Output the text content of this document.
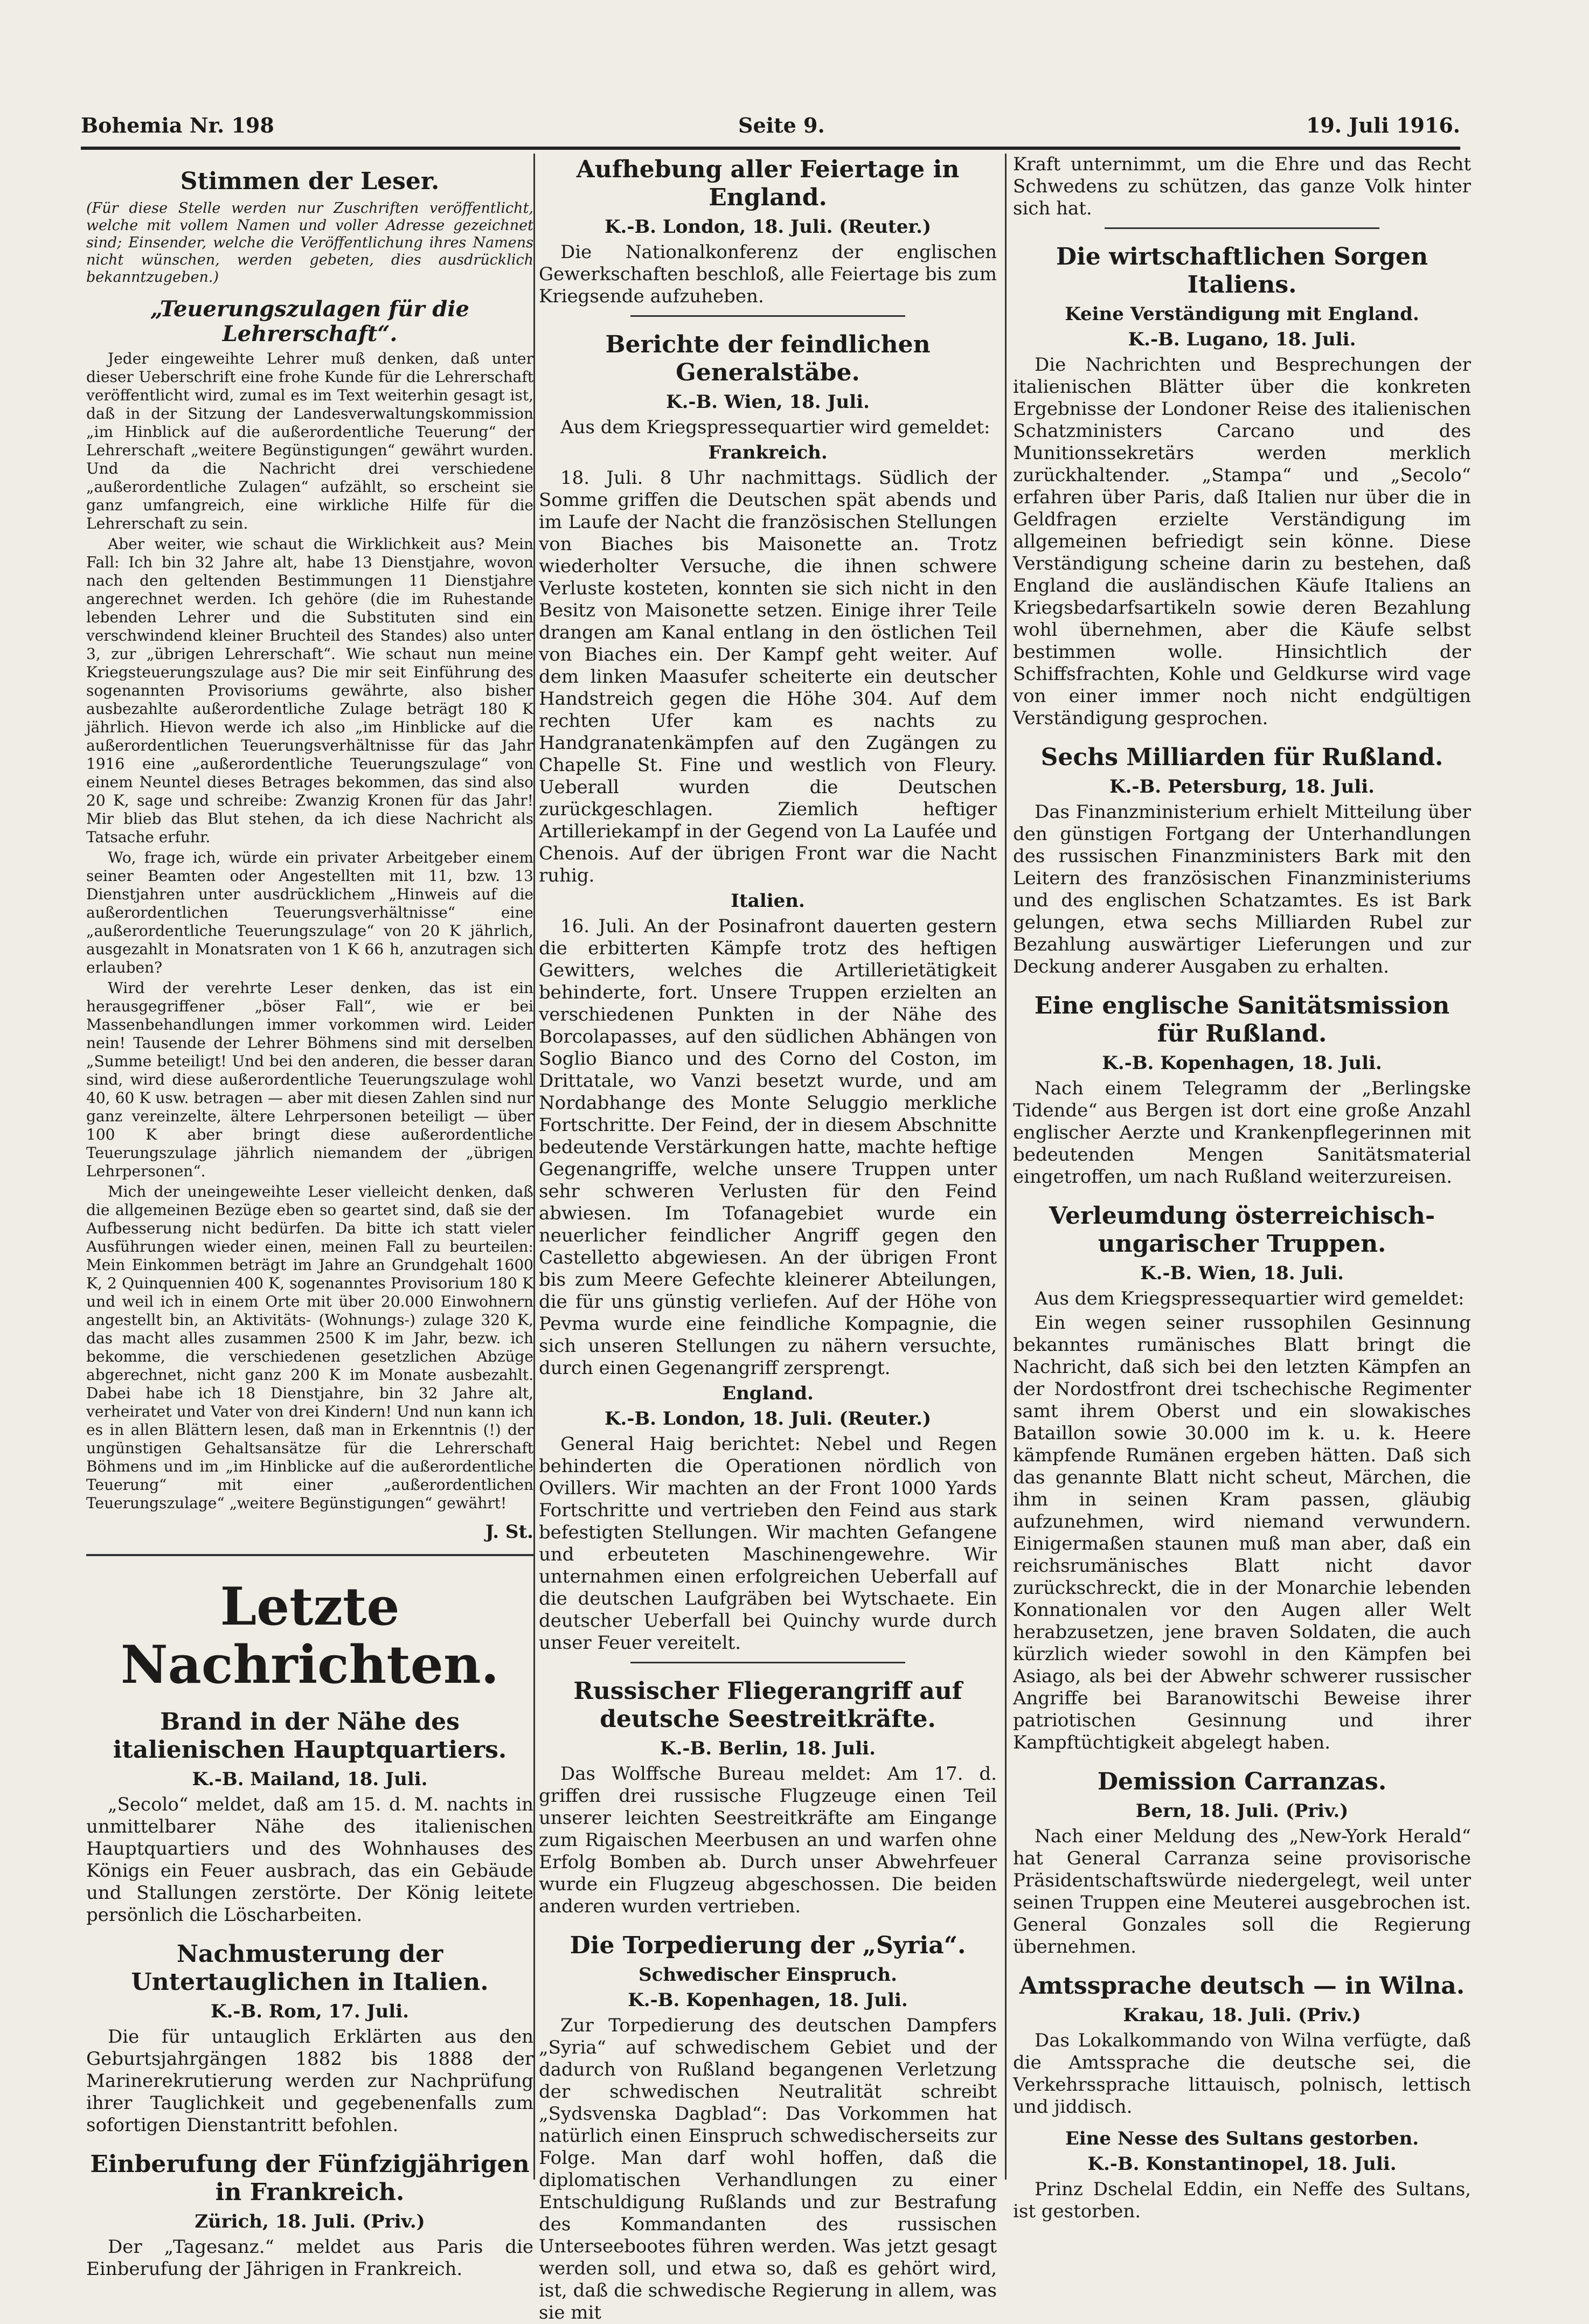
Bohemia Nr. 198	Seite 9.	19. Juli 1916.
Stimmen der Leser.
(Für diese Stelle werden nur Zuschriften veröffentlicht, welche mit vollem Namen und voller Adresse gezeichnet sind; Einsender, welche die Veröffentlichung ihres Namens nicht wünschen, werden gebeten, dies ausdrücklich bekanntzugeben.)
„Teuerungszulagen für die Lehrerschaft“.

Jeder eingeweihte Lehrer muß denken, daß unter dieser Ueberschrift eine frohe Kunde für die Lehrerschaft veröffentlicht wird, zumal es im Text weiterhin gesagt ist, daß in der Sitzung der Landesverwaltungskommission „im Hinblick auf die außerordentliche Teuerung“ der Lehrerschaft „weitere Begünstigungen“ gewährt wurden. Und da die Nachricht drei verschiedene „außerordentliche Zulagen“ aufzählt, so erscheint sie ganz umfangreich, eine wirkliche Hilfe für die Lehrerschaft zu sein.

Aber weiter, wie schaut die Wirklichkeit aus? Mein Fall: Ich bin 32 Jahre alt, habe 13 Dienstjahre, wovon nach den geltenden Bestimmungen 11 Dienstjahre angerechnet werden. Ich gehöre (die im Ruhestande lebenden Lehrer und die Substituten sind ein verschwindend kleiner Bruchteil des Standes) also unter 3, zur „übrigen Lehrerschaft“. Wie schaut nun meine Kriegsteuerungszulage aus? Die mir seit Einführung des sogenannten Provisoriums gewährte, also bisher ausbezahlte außerordentliche Zulage beträgt 180 K jährlich. Hievon werde ich also „im Hinblicke auf die außerordentlichen Teuerungsverhältnisse für das Jahr 1916 eine „außerordentliche Teuerungszulage“ von einem Neuntel dieses Betrages bekommen, das sind also 20 K, sage und schreibe: Zwanzig Kronen für das Jahr! Mir blieb das Blut stehen, da ich diese Nachricht als Tatsache erfuhr.

Wo, frage ich, würde ein privater Arbeitgeber einem seiner Beamten oder Angestellten mit 11, bzw. 13 Dienstjahren unter ausdrücklichem „Hinweis auf die außerordentlichen Teuerungsverhältnisse“ eine „außerordentliche Teuerungszulage“ von 20 K jährlich, ausgezahlt in Monatsraten von 1 K 66 h, anzutragen sich erlauben?

Wird der verehrte Leser denken, das ist ein herausgegriffener „böser Fall“, wie er bei Massenbehandlungen immer vorkommen wird. Leider nein! Tausende der Lehrer Böhmens sind mit derselben „Summe beteiligt! Und bei den anderen, die besser daran sind, wird diese außerordentliche Teuerungszulage wohl 40, 60 K usw. betragen — aber mit diesen Zahlen sind nur ganz vereinzelte, ältere Lehrpersonen beteiligt — über 100 K aber bringt diese außerordentliche Teuerungszulage jährlich niemandem der „übrigen Lehrpersonen“.

Mich der uneingeweihte Leser vielleicht denken, daß die allgemeinen Bezüge eben so geartet sind, daß sie der Aufbesserung nicht bedürfen. Da bitte ich statt vieler Ausführungen wieder einen, meinen Fall zu beurteilen: Mein Einkommen beträgt im Jahre an Grundgehalt 1600 K, 2 Quinquennien 400 K, sogenanntes Provisorium 180 K und weil ich in einem Orte mit über 20.000 Einwohnern angestellt bin, an Aktivitäts- (Wohnungs-) zulage 320 K, das macht alles zusammen 2500 K im Jahr, bezw. ich bekomme, die verschiedenen gesetzlichen Abzüge abgerechnet, nicht ganz 200 K im Monate ausbezahlt. Dabei habe ich 18 Dienstjahre, bin 32 Jahre alt, verheiratet und Vater von drei Kindern! Und nun kann ich es in allen Blättern lesen, daß man in Erkenntnis (!) der ungünstigen Gehaltsansätze für die Lehrerschaft Böhmens und im „im Hinblicke auf die außerordentliche Teuerung“ mit einer „außerordentlichen Teuerungszulage“ „weitere Begünstigungen“ gewährt!

J. St.
Letzte Nachrichten.
Brand in der Nähe des italienischen Hauptquartiers.
K.-B. Mailand, 18. Juli.

„Secolo“ meldet, daß am 15. d. M. nachts in unmittelbarer Nähe des italienischen Hauptquartiers und des Wohnhauses des Königs ein Feuer ausbrach, das ein Gebäude und Stallungen zerstörte. Der König leitete persönlich die Löscharbeiten.

Nachmusterung der Untertauglichen in Italien.
K.-B. Rom, 17. Juli.

Die für untauglich Erklärten aus den Geburtsjahrgängen 1882 bis 1888 der Marinerekrutierung werden zur Nachprüfung ihrer Tauglichkeit und gegebenenfalls zum sofortigen Dienstantritt befohlen.

Einberufung der Fünfzigjährigen in Frankreich.
Zürich, 18. Juli. (Priv.)

Der „Tagesanz.“ meldet aus Paris die Einberufung der Jährigen in Frankreich.

Aufhebung aller Feiertage in England.
K.-B. London, 18. Juli. (Reuter.)

Die Nationalkonferenz der englischen Gewerkschaften beschloß, alle Feiertage bis zum Kriegsende aufzuheben.

Berichte der feindlichen Generalstäbe.
K.-B. Wien, 18. Juli.

Aus dem Kriegspressequartier wird gemeldet:

Frankreich.

18. Juli. 8 Uhr nachmittags. Südlich der Somme griffen die Deutschen spät abends und im Laufe der Nacht die französischen Stellungen von Biaches bis Maisonette an. Trotz wiederholter Versuche, die ihnen schwere Verluste kosteten, konnten sie sich nicht in den Besitz von Maisonette setzen. Einige ihrer Teile drangen am Kanal entlang in den östlichen Teil von Biaches ein. Der Kampf geht weiter. Auf dem linken Maasufer scheiterte ein deutscher Handstreich gegen die Höhe 304. Auf dem rechten Ufer kam es nachts zu Handgranatenkämpfen auf den Zugängen zu Chapelle St. Fine und westlich von Fleury. Ueberall wurden die Deutschen zurückgeschlagen. Ziemlich heftiger Artilleriekampf in der Gegend von La Laufée und Chenois. Auf der übrigen Front war die Nacht ruhig.

Italien.

16. Juli. An der Posinafront dauerten gestern die erbitterten Kämpfe trotz des heftigen Gewitters, welches die Artillerietätigkeit behinderte, fort. Unsere Truppen erzielten an verschiedenen Punkten in der Nähe des Borcolapasses, auf den südlichen Abhängen von Soglio Bianco und des Corno del Coston, im Drittatale, wo Vanzi besetzt wurde, und am Nordabhange des Monte Seluggio merkliche Fortschritte. Der Feind, der in diesem Abschnitte bedeutende Verstärkungen hatte, machte heftige Gegenangriffe, welche unsere Truppen unter sehr schweren Verlusten für den Feind abwiesen. Im Tofanagebiet wurde ein neuerlicher feindlicher Angriff gegen den Castelletto abgewiesen. An der übrigen Front bis zum Meere Gefechte kleinerer Abteilungen, die für uns günstig verliefen. Auf der Höhe von Pevma wurde eine feindliche Kompagnie, die sich unseren Stellungen zu nähern versuchte, durch einen Gegenangriff zersprengt.

England.
K.-B. London, 18. Juli. (Reuter.)

General Haig berichtet: Nebel und Regen behinderten die Operationen nördlich von Ovillers. Wir machten an der Front 1000 Yards Fortschritte und vertrieben den Feind aus stark befestigten Stellungen. Wir machten Gefangene und erbeuteten Maschinengewehre. Wir unternahmen einen erfolgreichen Ueberfall auf die deutschen Laufgräben bei Wytschaete. Ein deutscher Ueberfall bei Quinchy wurde durch unser Feuer vereitelt.

Russischer Fliegerangriff auf deutsche Seestreitkräfte.
K.-B. Berlin, 18. Juli.

Das Wolffsche Bureau meldet: Am 17. d. griffen drei russische Flugzeuge einen Teil unserer leichten Seestreitkräfte am Eingange zum Rigaischen Meerbusen an und warfen ohne Erfolg Bomben ab. Durch unser Abwehrfeuer wurde ein Flugzeug abgeschossen. Die beiden anderen wurden vertrieben.

Die Torpedierung der „Syria“.
Schwedischer Einspruch.
K.-B. Kopenhagen, 18. Juli.

Zur Torpedierung des deutschen Dampfers „Syria“ auf schwedischem Gebiet und der dadurch von Rußland begangenen Verletzung der schwedischen Neutralität schreibt „Sydsvenska Dagblad“: Das Vorkommen hat natürlich einen Einspruch schwedischerseits zur Folge. Man darf wohl hoffen, daß die diplomatischen Verhandlungen zu einer Entschuldigung Rußlands und zur Bestrafung des Kommandanten des russischen Unterseebootes führen werden. Was jetzt gesagt werden soll, und etwa so, daß es gehört wird, ist, daß die schwedische Regierung in allem, was sie mit

Kraft unternimmt, um die Ehre und das Recht Schwedens zu schützen, das ganze Volk hinter sich hat.

Die wirtschaftlichen Sorgen Italiens.
Keine Verständigung mit England.
K.-B. Lugano, 18. Juli.

Die Nachrichten und Besprechungen der italienischen Blätter über die konkreten Ergebnisse der Londoner Reise des italienischen Schatzministers Carcano und des Munitionssekretärs werden merklich zurückhaltender. „Stampa“ und „Secolo“ erfahren über Paris, daß Italien nur über die in Geldfragen erzielte Verständigung im allgemeinen befriedigt sein könne. Diese Verständigung scheine darin zu bestehen, daß England die ausländischen Käufe Italiens an Kriegsbedarfsartikeln sowie deren Bezahlung wohl übernehmen, aber die Käufe selbst bestimmen wolle. Hinsichtlich der Schiffsfrachten, Kohle und Geldkurse wird vage von einer immer noch nicht endgültigen Verständigung gesprochen.

Sechs Milliarden für Rußland.
K.-B. Petersburg, 18. Juli.

Das Finanzministerium erhielt Mitteilung über den günstigen Fortgang der Unterhandlungen des russischen Finanzministers Bark mit den Leitern des französischen Finanzministeriums und des englischen Schatzamtes. Es ist Bark gelungen, etwa sechs Milliarden Rubel zur Bezahlung auswärtiger Lieferungen und zur Deckung anderer Ausgaben zu erhalten.

Eine englische Sanitätsmission für Rußland.
K.-B. Kopenhagen, 18. Juli.

Nach einem Telegramm der „Berlingske Tidende“ aus Bergen ist dort eine große Anzahl englischer Aerzte und Krankenpflegerinnen mit bedeutenden Mengen Sanitätsmaterial eingetroffen, um nach Rußland weiterzureisen.

Verleumdung österreichisch-ungarischer Truppen.
K.-B. Wien, 18. Juli.

Aus dem Kriegspressequartier wird gemeldet:

Ein wegen seiner russophilen Gesinnung bekanntes rumänisches Blatt bringt die Nachricht, daß sich bei den letzten Kämpfen an der Nordostfront drei tschechische Regimenter samt ihrem Oberst und ein slowakisches Bataillon sowie 30.000 im k. u. k. Heere kämpfende Rumänen ergeben hätten. Daß sich das genannte Blatt nicht scheut, Märchen, die ihm in seinen Kram passen, gläubig aufzunehmen, wird niemand verwundern. Einigermaßen staunen muß man aber, daß ein reichsrumänisches Blatt nicht davor zurückschreckt, die in der Monarchie lebenden Konnationalen vor den Augen aller Welt herabzusetzen, jene braven Soldaten, die auch kürzlich wieder sowohl in den Kämpfen bei Asiago, als bei der Abwehr schwerer russischer Angriffe bei Baranowitschi Beweise ihrer patriotischen Gesinnung und ihrer Kampftüchtigkeit abgelegt haben.

Demission Carranzas.
Bern, 18. Juli. (Priv.)

Nach einer Meldung des „New-York Herald“ hat General Carranza seine provisorische Präsidentschaftswürde niedergelegt, weil unter seinen Truppen eine Meuterei ausgebrochen ist. General Gonzales soll die Regierung übernehmen.

Amtssprache deutsch — in Wilna.
Krakau, 18. Juli. (Priv.)

Das Lokalkommando von Wilna verfügte, daß die Amtssprache die deutsche sei, die Verkehrssprache littauisch, polnisch, lettisch und jiddisch.

Eine Nesse des Sultans gestorben.
K.-B. Konstantinopel, 18. Juli.

Prinz Dschelal Eddin, ein Neffe des Sultans, ist gestorben.
